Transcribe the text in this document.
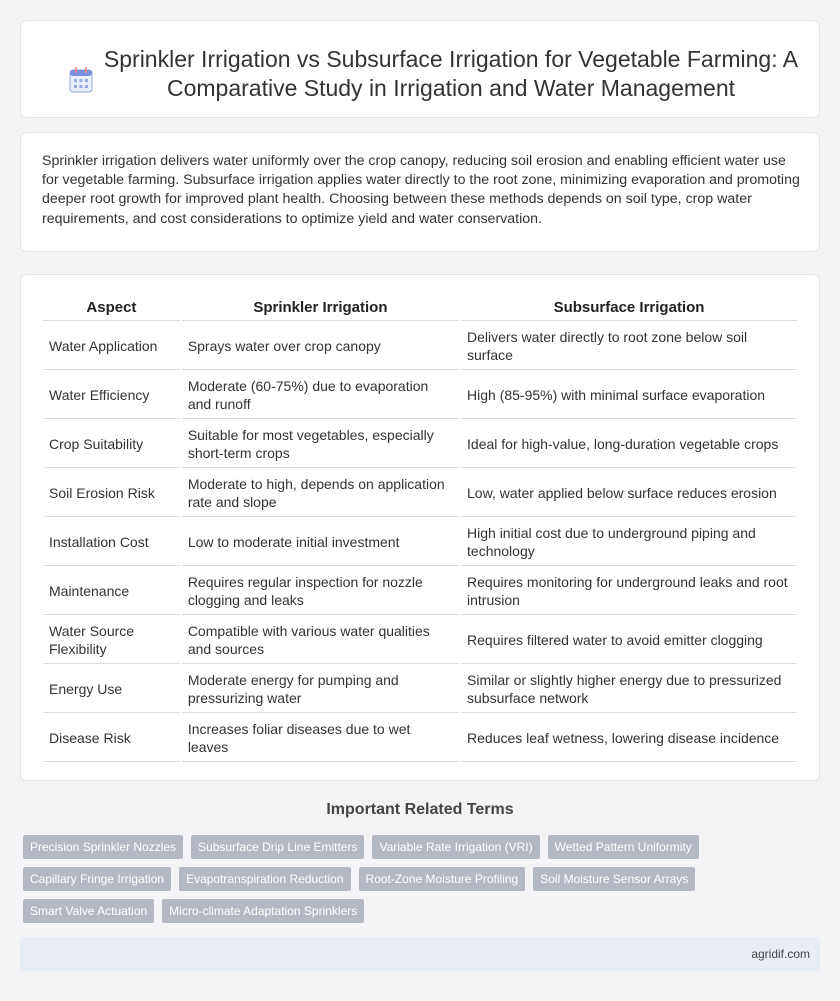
Sprinkler Irrigation vs Subsurface Irrigation for Vegetable Farming: A Comparative Study in Irrigation and Water Management

Sprinkler irrigation delivers water uniformly over the crop canopy, reducing soil erosion and enabling efficient water use for vegetable farming. Subsurface irrigation applies water directly to the root zone, minimizing evaporation and promoting deeper root growth for improved plant health. Choosing between these methods depends on soil type, crop water requirements, and cost considerations to optimize yield and water conservation.

Aspect	Sprinkler Irrigation	Subsurface Irrigation
Water Application	Sprays water over crop canopy	Delivers water directly to root zone below soil surface
Water Efficiency	Moderate (60-75%) due to evaporation and runoff	High (85-95%) with minimal surface evaporation
Crop Suitability	Suitable for most vegetables, especially short-term crops	Ideal for high-value, long-duration vegetable crops
Soil Erosion Risk	Moderate to high, depends on application rate and slope	Low, water applied below surface reduces erosion
Installation Cost	Low to moderate initial investment	High initial cost due to underground piping and technology
Maintenance	Requires regular inspection for nozzle clogging and leaks	Requires monitoring for underground leaks and root intrusion
Water Source Flexibility	Compatible with various water qualities and sources	Requires filtered water to avoid emitter clogging
Energy Use	Moderate energy for pumping and pressurizing water	Similar or slightly higher energy due to pressurized subsurface network
Disease Risk	Increases foliar diseases due to wet leaves	Reduces leaf wetness, lowering disease incidence
Important Related Terms
Precision Sprinkler Nozzles	Subsurface Drip Line Emitters	Variable Rate Irrigation (VRI)	Wetted Pattern Uniformity
Capillary Fringe Irrigation	Evapotranspiration Reduction	Root-Zone Moisture Profiling	Soil Moisture Sensor Arrays
Smart Valve Actuation	Micro-climate Adaptation Sprinklers
agridif.com
